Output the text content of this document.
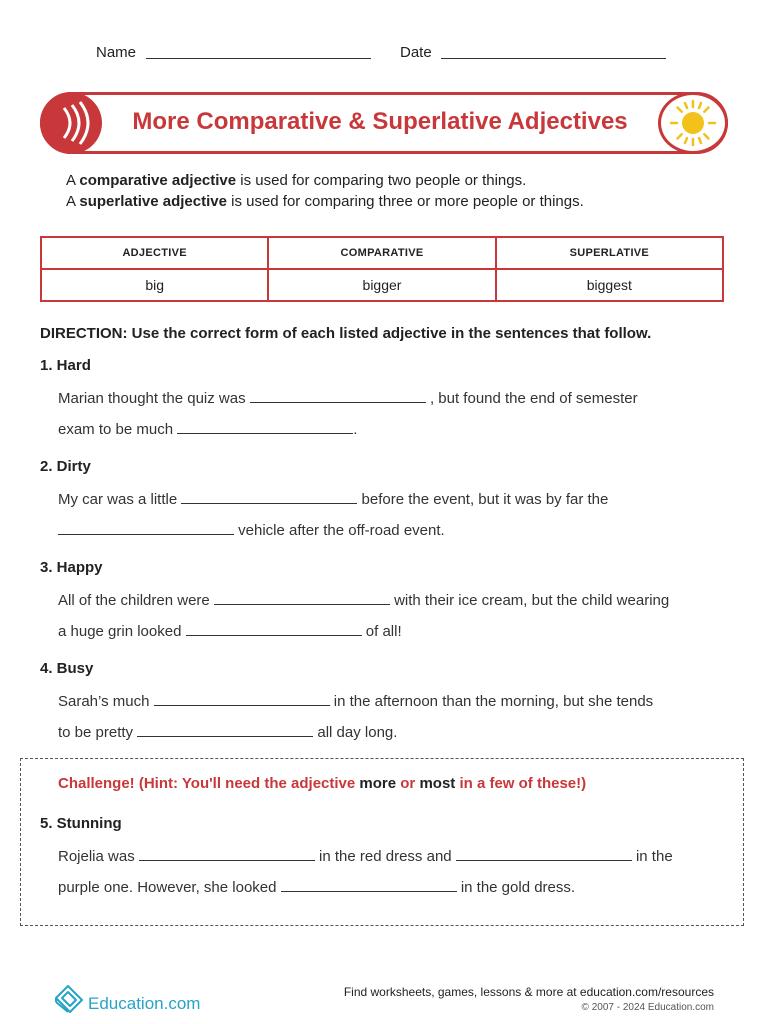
Name	Date
More Comparative & Superlative Adjectives
A comparative adjective is used for comparing two people or things.
A superlative adjective is used for comparing three or more people or things.
ADJECTIVE	COMPARATIVE	SUPERLATIVE
big	bigger	biggest
DIRECTION: Use the correct form of each listed adjective in the sentences that follow.
1. Hard
Marian thought the quiz was	, but found the end of semester
exam to be much	.
2. Dirty
My car was a little	before the event, but it was by far the
vehicle after the off-road event.
3. Happy
All of the children were	with their ice cream, but the child wearing
a huge grin looked	of all!
4. Busy
Sarah’s much	in the afternoon than the morning, but she tends
to be pretty	all day long.
Challenge! (Hint: You'll need the adjective more or most in a few of these!)
5. Stunning
Rojelia was	in the red dress and	in the
purple one. However, she looked	in the gold dress.
Education.com
Find worksheets, games, lessons & more at education.com/resources
© 2007 - 2024 Education.com
